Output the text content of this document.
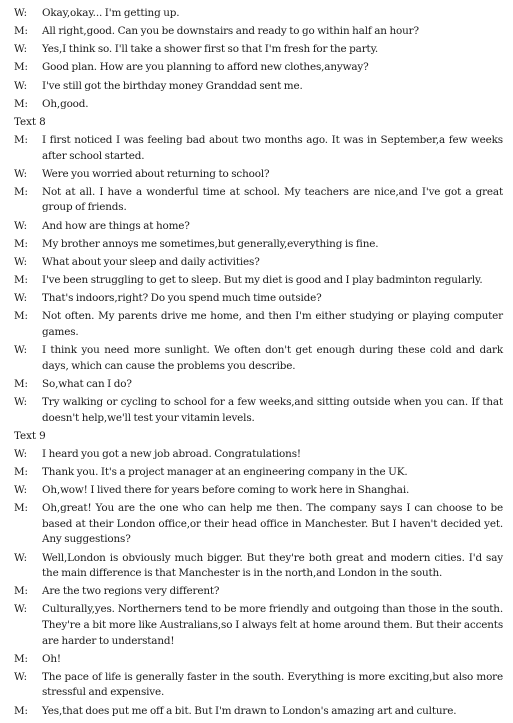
W: Okay,okay... I'm getting up.
M: All right,good. Can you be downstairs and ready to go within half an hour?
W: Yes,I think so. I'll take a shower first so that I'm fresh for the party.
M: Good plan. How are you planning to afford new clothes,anyway?
W: I've still got the birthday money Granddad sent me.
M: Oh,good.
Text 8
M: I first noticed I was feeling bad about two months ago. It was in September,a few weeks after school started.
W: Were you worried about returning to school?
M: Not at all. I have a wonderful time at school. My teachers are nice,and I've got a great group of friends.
W: And how are things at home?
M: My brother annoys me sometimes,but generally,everything is fine.
W: What about your sleep and daily activities?
M: I've been struggling to get to sleep. But my diet is good and I play badminton regularly.
W: That's indoors,right? Do you spend much time outside?
M: Not often. My parents drive me home, and then I'm either studying or playing computer games.
W: I think you need more sunlight. We often don't get enough during these cold and dark days, which can cause the problems you describe.
M: So,what can I do?
W: Try walking or cycling to school for a few weeks,and sitting outside when you can. If that doesn't help,we'll test your vitamin levels.
Text 9
W: I heard you got a new job abroad. Congratulations!
M: Thank you. It's a project manager at an engineering company in the UK.
W: Oh,wow! I lived there for years before coming to work here in Shanghai.
M: Oh,great! You are the one who can help me then. The company says I can choose to be based at their London office,or their head office in Manchester. But I haven't decided yet. Any suggestions?
W: Well,London is obviously much bigger. But they're both great and modern cities. I'd say the main difference is that Manchester is in the north,and London in the south.
M: Are the two regions very different?
W: Culturally,yes. Northerners tend to be more friendly and outgoing than those in the south. They're a bit more like Australians,so I always felt at home around them. But their accents are harder to understand!
M: Oh!
W: The pace of life is generally faster in the south. Everything is more exciting,but also more stressful and expensive.
M: Yes,that does put me off a bit. But I'm drawn to London's amazing art and culture.
